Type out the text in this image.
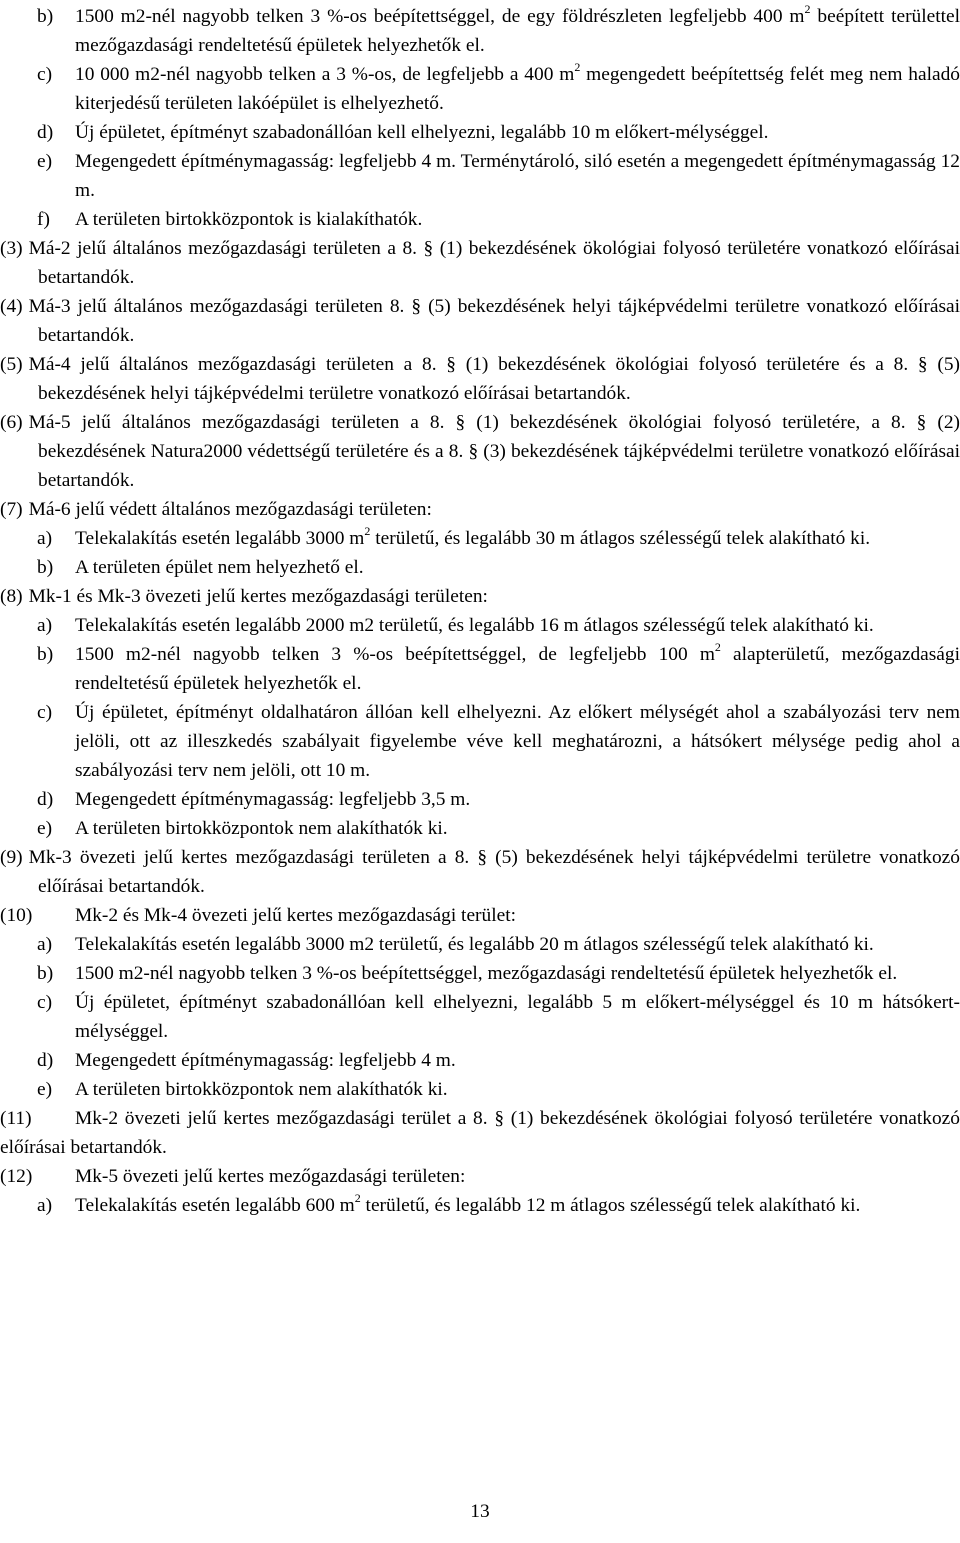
b) 1500 m2-nél nagyobb telken 3 %-os beépítettséggel, de egy földrészleten legfeljebb 400 $m^2$ beépített területtel mezőgazdasági rendeltetésű épületek helyezhetők el.

c) 10 000 m2-nél nagyobb telken a 3 %-os, de legfeljebb a 400 $m^2$ megengedett beépítettség felét meg nem haladó kiterjedésű területen lakóépület is elhelyezhető.

d) Új épületet, építményt szabadonállóan kell elhelyezni, legalább 10 m előkert-mélységgel.

e) Megengedett építménymagasság: legfeljebb 4 m. Terménytároló, siló esetén a megengedett építménymagasság 12 m.

f) A területen birtokközpontok is kialakíthatók.

(3) Má-2 jelű általános mezőgazdasági területen a 8. § (1) bekezdésének ökológiai folyosó területére vonatkozó előírásai betartandók.

(4) Má-3 jelű általános mezőgazdasági területen 8. § (5) bekezdésének helyi tájképvédelmi területre vonatkozó előírásai betartandók.

(5) Má-4 jelű általános mezőgazdasági területen a 8. § (1) bekezdésének ökológiai folyosó területére és a 8. § (5) bekezdésének helyi tájképvédelmi területre vonatkozó előírásai betartandók.

(6) Má-5 jelű általános mezőgazdasági területen a 8. § (1) bekezdésének ökológiai folyosó területére, a 8. § (2) bekezdésének Natura2000 védettségű területére és a 8. § (3) bekezdésének tájképvédelmi területre vonatkozó előírásai betartandók.

(7) Má-6 jelű védett általános mezőgazdasági területen:

a) Telekalakítás esetén legalább 3000 $m^2$ területű, és legalább 30 m átlagos szélességű telek alakítható ki.

b) A területen épület nem helyezhető el.

(8) Mk-1 és Mk-3 övezeti jelű kertes mezőgazdasági területen:

a) Telekalakítás esetén legalább 2000 m2 területű, és legalább 16 m átlagos szélességű telek alakítható ki.

b) 1500 m2-nél nagyobb telken 3 %-os beépítettséggel, de legfeljebb 100 $m^2$ alapterületű, mezőgazdasági rendeltetésű épületek helyezhetők el.

c) Új épületet, építményt oldalhatáron állóan kell elhelyezni. Az előkert mélységét ahol a szabályozási terv nem jelöli, ott az illeszkedés szabályait figyelembe véve kell meghatározni, a hátsókert mélysége pedig ahol a szabályozási terv nem jelöli, ott 10 m.

d) Megengedett építménymagasság: legfeljebb 3,5 m.

e) A területen birtokközpontok nem alakíthatók ki.

(9) Mk-3 övezeti jelű kertes mezőgazdasági területen a 8. § (5) bekezdésének helyi tájképvédelmi területre vonatkozó előírásai betartandók.

(10) Mk-2 és Mk-4 övezeti jelű kertes mezőgazdasági terület:

a) Telekalakítás esetén legalább 3000 m2 területű, és legalább 20 m átlagos szélességű telek alakítható ki.

b) 1500 m2-nél nagyobb telken 3 %-os beépítettséggel, mezőgazdasági rendeltetésű épületek helyezhetők el.

c) Új épületet, építményt szabadonállóan kell elhelyezni, legalább 5 m előkert-mélységgel és 10 m hátsókert-mélységgel.

d) Megengedett építménymagasság: legfeljebb 4 m.

e) A területen birtokközpontok nem alakíthatók ki.

(11) Mk-2 övezeti jelű kertes mezőgazdasági terület a 8. § (1) bekezdésének ökológiai folyosó területére vonatkozó előírásai betartandók.

(12) Mk-5 övezeti jelű kertes mezőgazdasági területen:

a) Telekalakítás esetén legalább 600 $m^2$ területű, és legalább 12 m átlagos szélességű telek alakítható ki.

13
